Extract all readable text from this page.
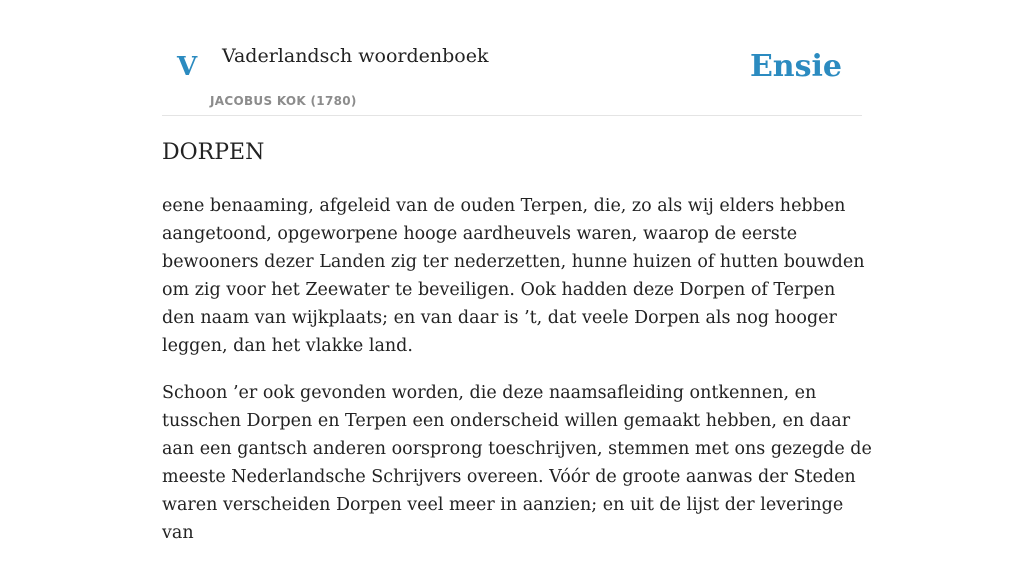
V Vaderlandsch woordenboek
JACOBUS KOK (1780)
Ensie
DORPEN

eene benaaming, afgeleid van de ouden Terpen, die, zo als wij elders hebben aangetoond, opgeworpene hooge aardheuvels waren, waarop de eerste bewooners dezer Landen zig ter nederzetten, hunne huizen of hutten bouwden om zig voor het Zeewater te beveiligen. Ook hadden deze Dorpen of Terpen den naam van wijkplaats; en van daar is ’t, dat veele Dorpen als nog hooger leggen, dan het vlakke land.

Schoon ’er ook gevonden worden, die deze naamsafleiding ontkennen, en tusschen Dorpen en Terpen een onderscheid willen gemaakt hebben, en daar aan een gantsch anderen oorsprong toeschrijven, stemmen met ons gezegde de meeste Nederlandsche Schrijvers overeen. Vóór de groote aanwas der Steden waren verscheiden Dorpen veel meer in aanzien; en uit de lijst der leveringe van
